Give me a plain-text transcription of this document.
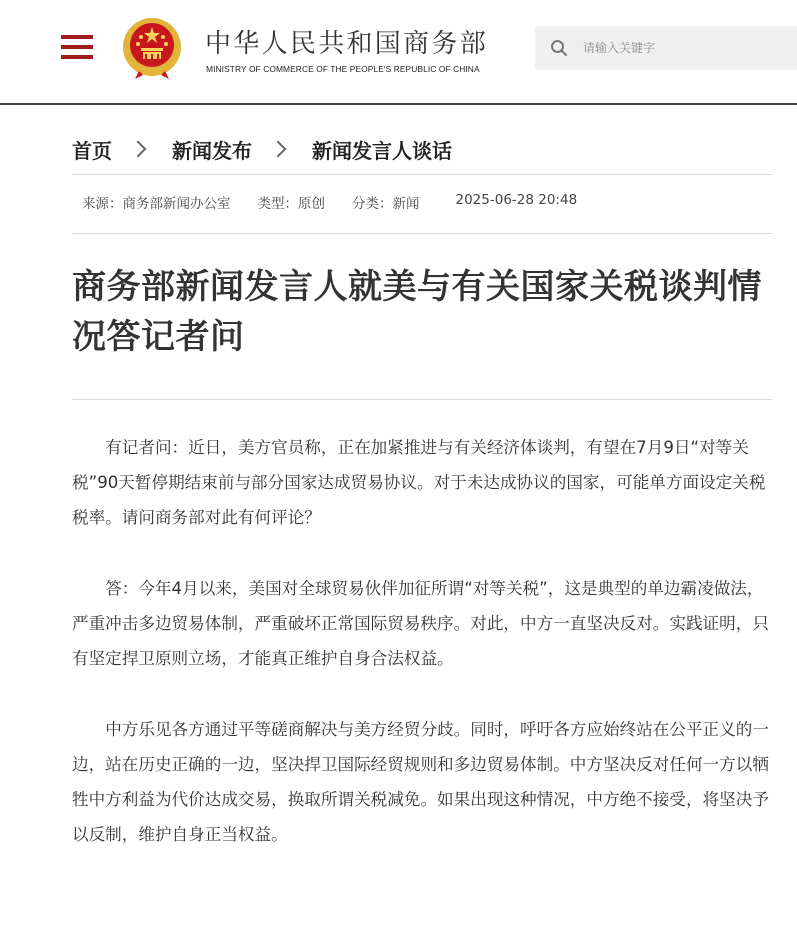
中华人民共和国商务部
MINISTRY OF COMMERCE OF THE PEOPLE'S REPUBLIC OF CHINA
请输入关键字
首页	新闻发布	新闻发言人谈话
来源：商务部新闻办公室 类型：原创 分类：新闻	2025-06-28 20:48
商务部新闻发言人就美与有关国家关税谈判情况答记者问

有记者问：近日，美方官员称，正在加紧推进与有关经济体谈判，有望在7月9日“对等关税”90天暂停期结束前与部分国家达成贸易协议。对于未达成协议的国家，可能单方面设定关税税率。请问商务部对此有何评论？

答：今年4月以来，美国对全球贸易伙伴加征所谓“对等关税”，这是典型的单边霸凌做法，严重冲击多边贸易体制，严重破坏正常国际贸易秩序。对此，中方一直坚决反对。实践证明，只有坚定捍卫原则立场，才能真正维护自身合法权益。

中方乐见各方通过平等磋商解决与美方经贸分歧。同时，呼吁各方应始终站在公平正义的一边，站在历史正确的一边，坚决捍卫国际经贸规则和多边贸易体制。中方坚决反对任何一方以牺牲中方利益为代价达成交易，换取所谓关税减免。如果出现这种情况，中方绝不接受，将坚决予以反制，维护自身正当权益。
